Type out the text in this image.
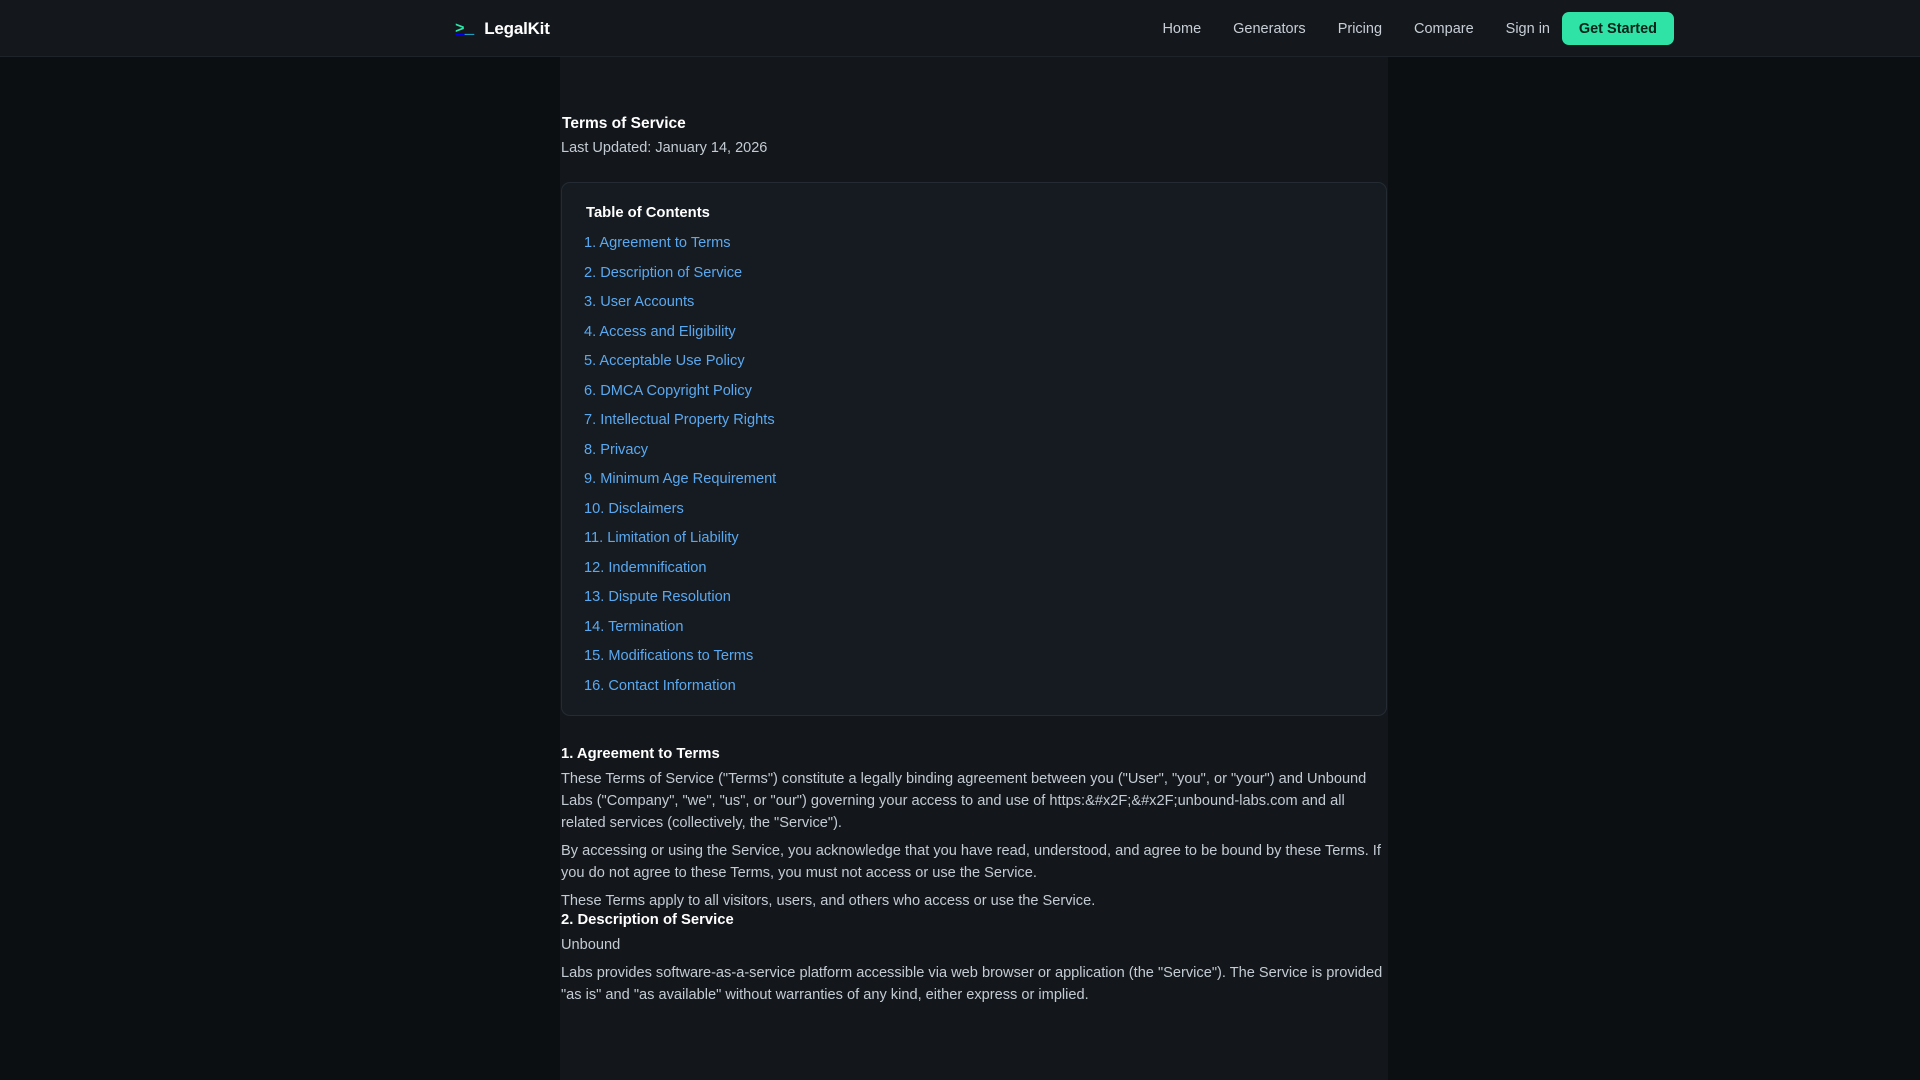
>_ LegalKit	Home Generators Pricing Compare Sign in	Get Started
Terms of Service
Last Updated: January 14, 2026
Table of Contents
1. Agreement to Terms
2. Description of Service
3. User Accounts
4. Access and Eligibility
5. Acceptable Use Policy
6. DMCA Copyright Policy
7. Intellectual Property Rights
8. Privacy
9. Minimum Age Requirement
10. Disclaimers
11. Limitation of Liability
12. Indemnification
13. Dispute Resolution
14. Termination
15. Modifications to Terms
16. Contact Information
1. Agreement to Terms

These Terms of Service ("Terms") constitute a legally binding agreement between you ("User", "you", or "your") and Unbound Labs ("Company", "we", "us", or "our") governing your access to and use of https:&#x2F;&#x2F;unbound-labs.com and all related services (collectively, the "Service").

By accessing or using the Service, you acknowledge that you have read, understood, and agree to be bound by these Terms. If you do not agree to these Terms, you must not access or use the Service.

These Terms apply to all visitors, users, and others who access or use the Service.

2. Description of Service

Unbound

Labs provides software-as-a-service platform accessible via web browser or application (the "Service"). The Service is provided "as is" and "as available" without warranties of any kind, either express or implied.
